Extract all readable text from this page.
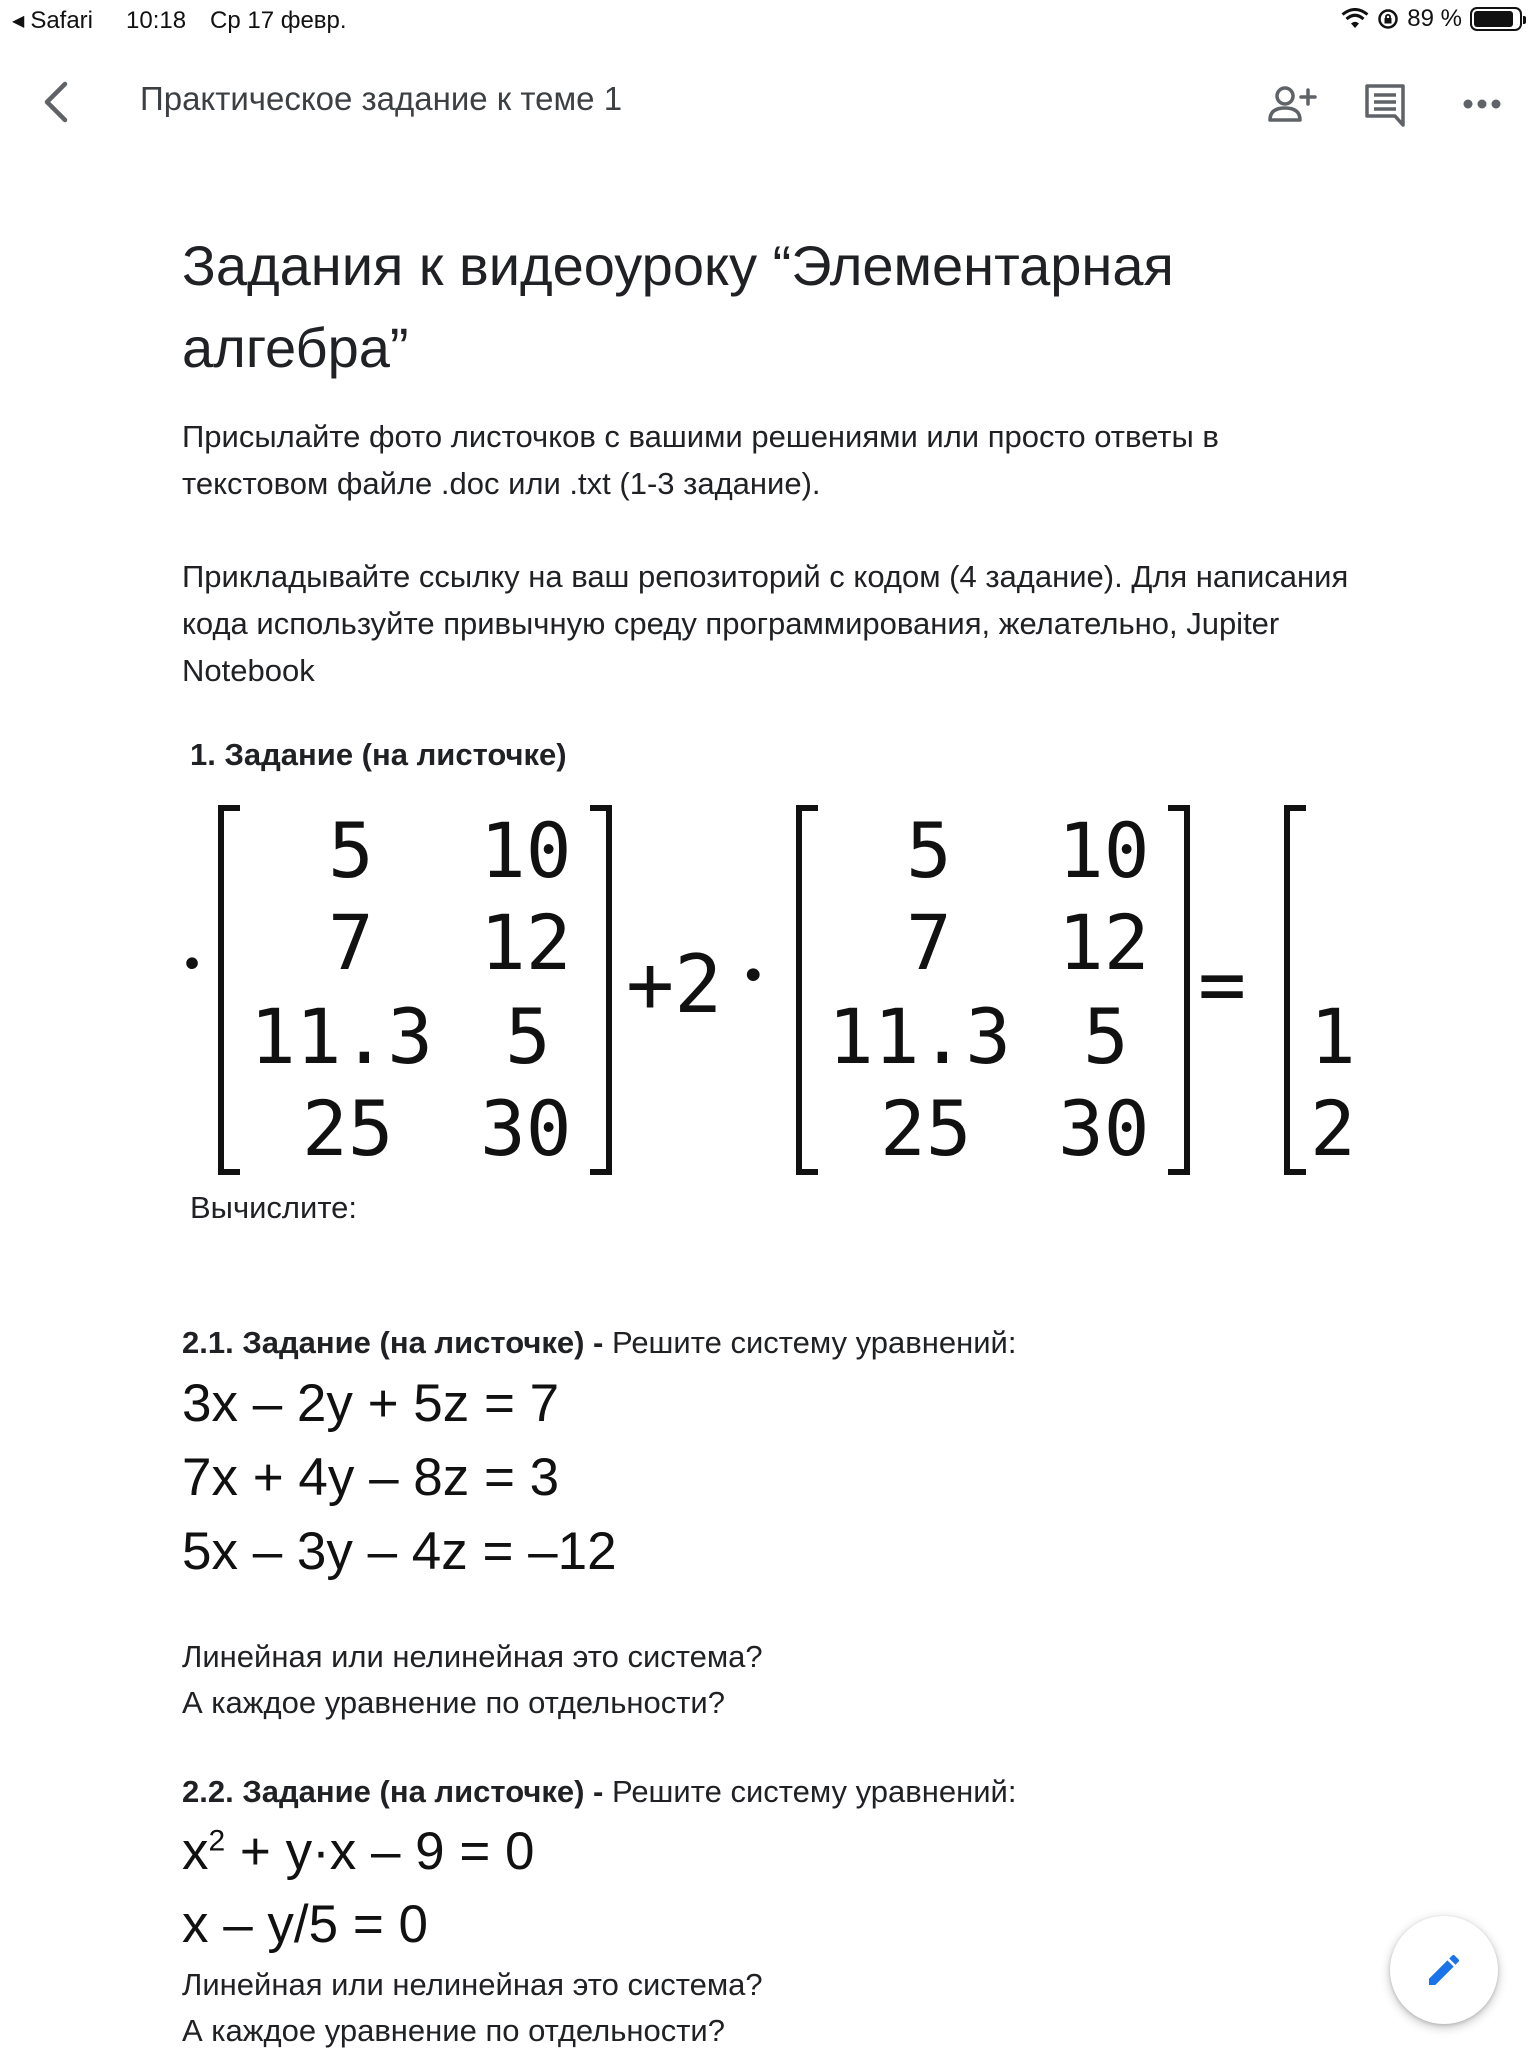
◀ Safari 10:18 Ср 17 февр.	89 %
Практическое задание к теме 1
Задания к видеоуроку “Элементарная алгебра”

Присылайте фото листочков с вашими решениями или просто ответы в текстовом файле .doc или .txt (1-3 задание).

Прикладывайте ссылку на ваш репозиторий с кодом (4 задание). Для написания кода используйте привычную среду программирования, желательно, Jupiter Notebook

1. Задание (на листочке)
•
5 10
7 12
11.3 5
25 30
+2 •
5 10
7 12
11.3 5
25 30
=
1
2
Вычислите:
2.1. Задание (на листочке) - Решите систему уравнений:
3x – 2y + 5z = 7
7x + 4y – 8z = 3
5x – 3y – 4z = –12
Линейная или нелинейная это система?
А каждое уравнение по отдельности?
2.2. Задание (на листочке) - Решите систему уравнений:
$x^2 + y\cdot x - 9 = 0$
x – y/5 = 0
Линейная или нелинейная это система?
А каждое уравнение по отдельности?
